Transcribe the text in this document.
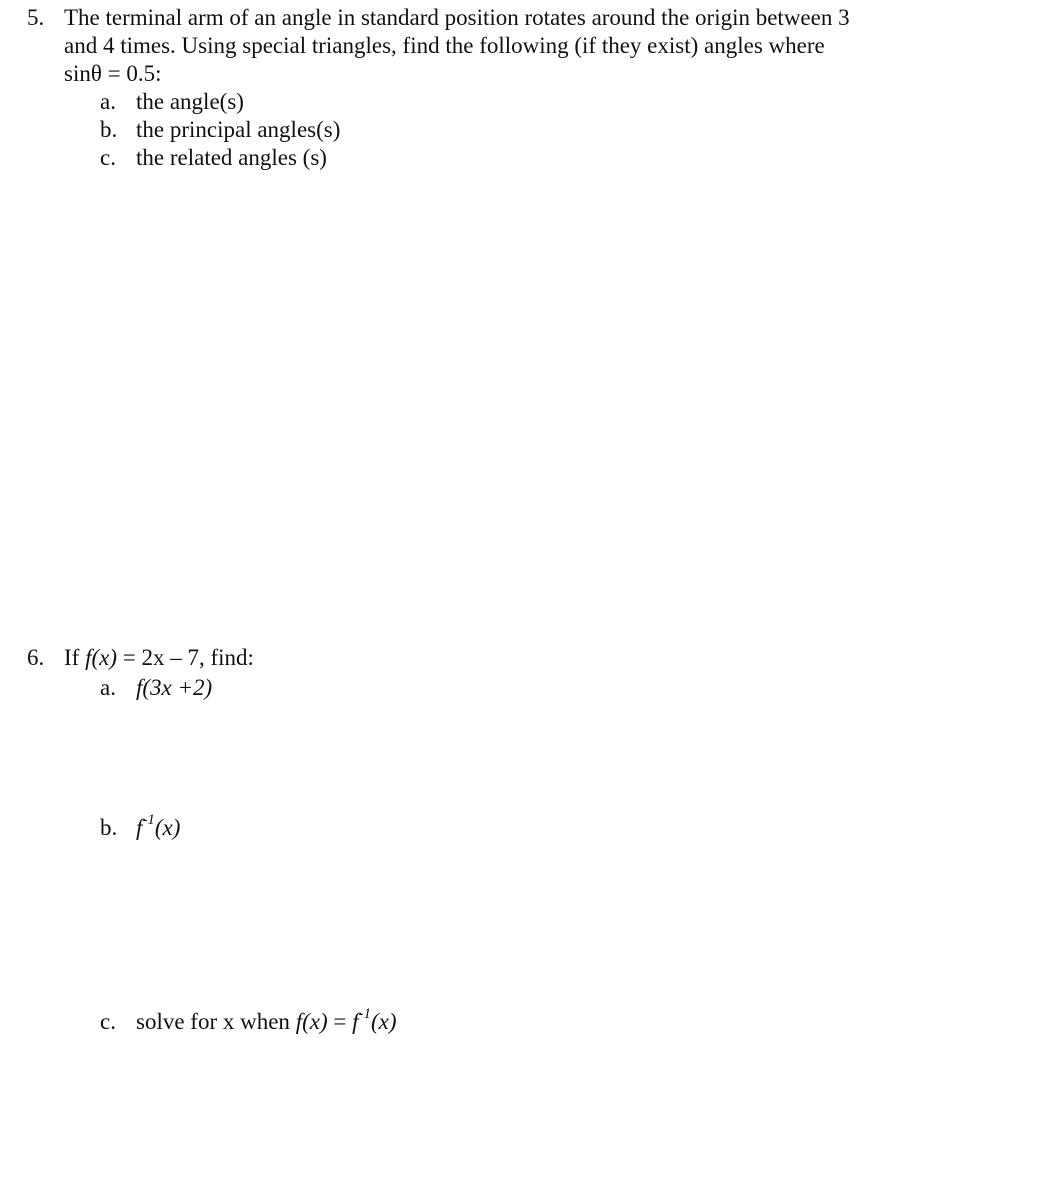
5. The terminal arm of an angle in standard position rotates around the origin between 3
and 4 times. Using special triangles, find the following (if they exist) angles where
sinθ = 0.5:
a. the angle(s)
b. the principal angles(s)
c. the related angles (s)
6. If f(x) = 2x – 7, find:
a. f(3x +2)
b. $f^{-1}(x)$
c. solve for x when $f(x) = f^{-1}(x)$
